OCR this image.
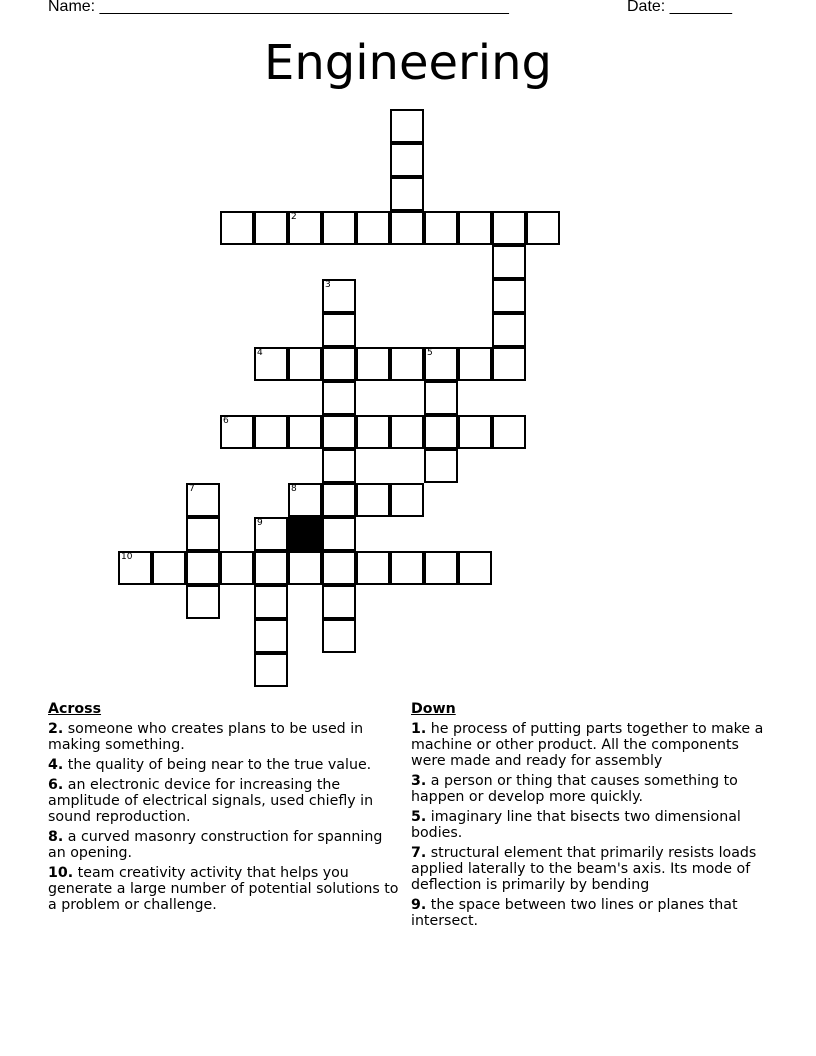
Name: ______________________________________________	Date: _______
Engineering
2
3
4	5
6
7	8
9
10
Across
2. someone who creates plans to be used in making something.
4. the quality of being near to the true value.
6. an electronic device for increasing the amplitude of electrical signals, used chiefly in sound reproduction.
8. a curved masonry construction for spanning an opening.
10. team creativity activity that helps you generate a large number of potential solutions to a problem or challenge.
Down
1. he process of putting parts together to make a machine or other product. All the components were made and ready for assembly
3. a person or thing that causes something to happen or develop more quickly.
5. imaginary line that bisects two dimensional bodies.
7. structural element that primarily resists loads applied laterally to the beam's axis. Its mode of deflection is primarily by bending
9. the space between two lines or planes that intersect.
